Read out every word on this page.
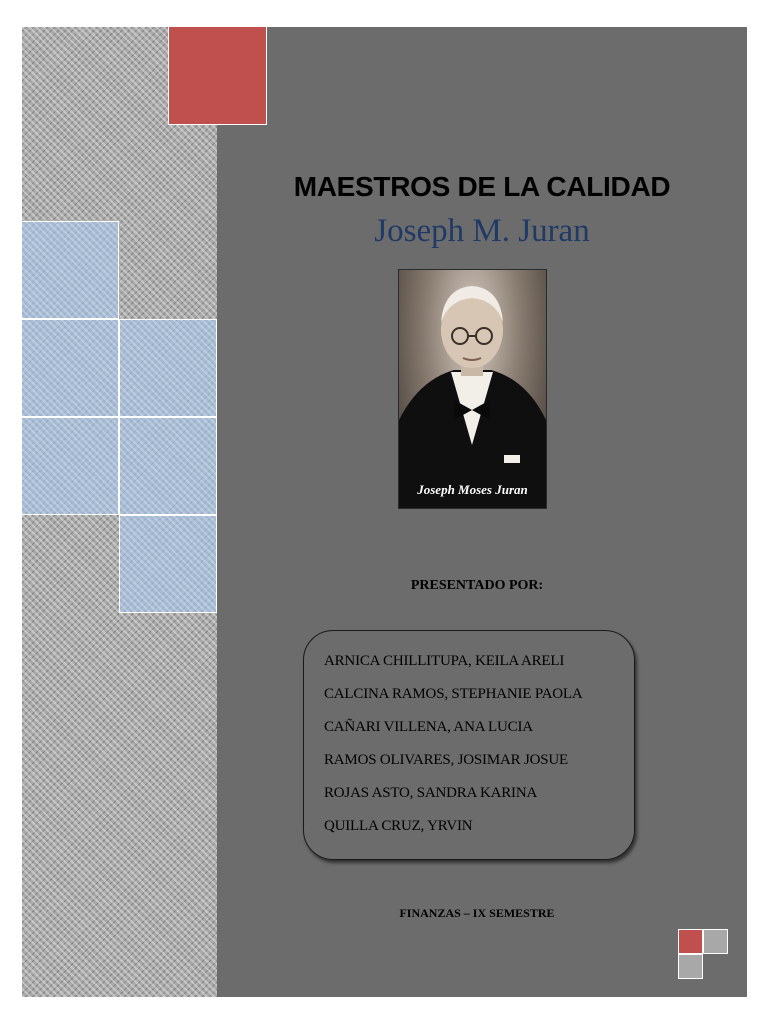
MAESTROS DE LA CALIDAD
Joseph M. Juran
Joseph Moses Juran
PRESENTADO POR:
ARNICA CHILLITUPA, KEILA ARELI
CALCINA RAMOS, STEPHANIE PAOLA
CAÑARI VILLENA, ANA LUCIA
RAMOS OLIVARES, JOSIMAR JOSUE
ROJAS ASTO, SANDRA KARINA
QUILLA CRUZ, YRVIN
FINANZAS – IX SEMESTRE
